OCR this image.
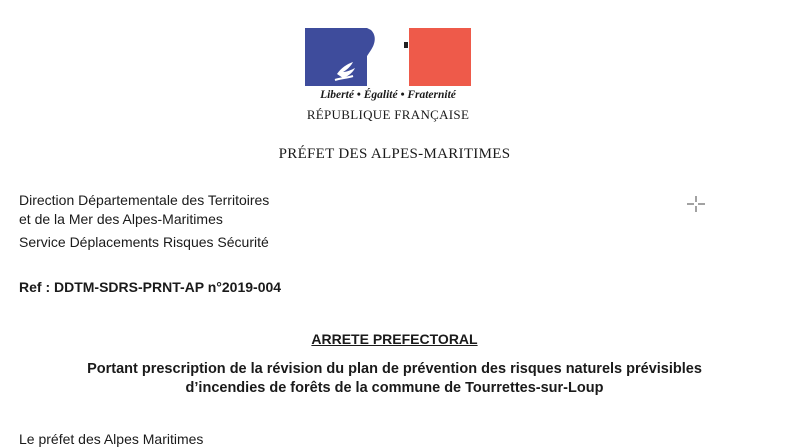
Liberté • Égalité • Fraternité
RÉPUBLIQUE FRANÇAISE
PRÉFET DES ALPES-MARITIMES
Direction Départementale des Territoires
et de la Mer des Alpes-Maritimes
Service Déplacements Risques Sécurité
Ref : DDTM-SDRS-PRNT-AP n°2019-004
ARRETE PREFECTORAL
Portant prescription de la révision du plan de prévention des risques naturels prévisibles
d’incendies de forêts de la commune de Tourrettes-sur-Loup
Le préfet des Alpes Maritimes
